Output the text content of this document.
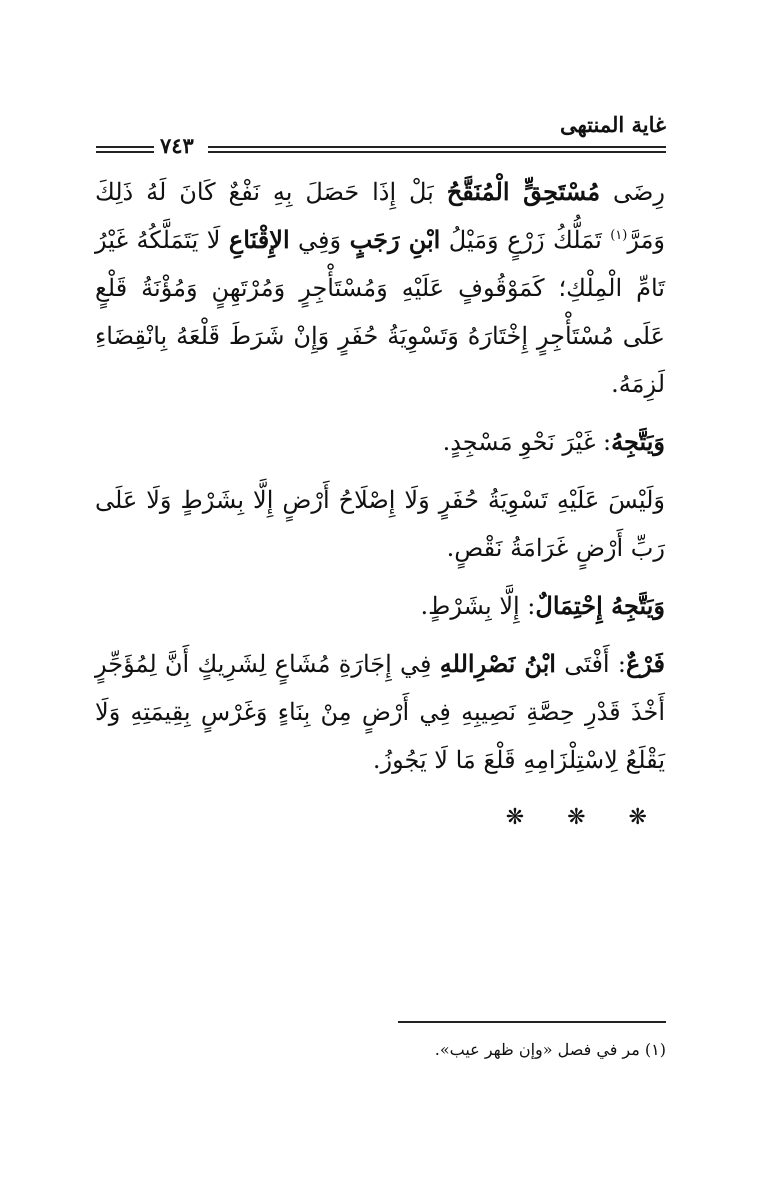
غاية المنتهى
٧٤٣

رِضَى مُسْتَحِقٍّ الْمُنَقَّحُ بَلْ إِذَا حَصَلَ بِهِ نَفْعٌ كَانَ لَهُ ذَلِكَ وَمَرَّ$^{(١)}$ تَمَلُّكُ زَرْعٍ وَمَيْلُ ابْنِ رَجَبٍ وَفِي الإِقْنَاعِ لَا يَتَمَلَّكُهُ غَيْرُ تَامِّ الْمِلْكِ؛ كَمَوْقُوفٍ عَلَيْهِ وَمُسْتَأْجِرٍ وَمُرْتَهِنٍ وَمُؤْنَةُ قَلْعٍ عَلَى مُسْتَأْجِرٍ إِخْتَارَهُ وَتَسْوِيَةُ حُفَرٍ وَإِنْ شَرَطَ قَلْعَهُ بِانْقِضَاءِ لَزِمَهُ.

وَيَتَّجِهُ: غَيْرَ نَحْوِ مَسْجِدٍ.

وَلَيْسَ عَلَيْهِ تَسْوِيَةُ حُفَرٍ وَلَا إِصْلَاحُ أَرْضٍ إِلَّا بِشَرْطٍ وَلَا عَلَى رَبِّ أَرْضٍ غَرَامَةُ نَقْصٍ.

وَيَتَّجِهُ إِحْتِمَالٌ: إِلَّا بِشَرْطٍ.

فَرْعٌ: أَفْتَى ابْنُ نَصْرِاللهِ فِي إِجَارَةِ مُشَاعٍ لِشَرِيكٍ أَنَّ لِمُؤَجِّرٍ أَخْذَ قَدْرِ حِصَّةِ نَصِيبِهِ فِي أَرْضٍ مِنْ بِنَاءٍ وَغَرْسٍ بِقِيمَتِهِ وَلَا يَقْلَعُ لِاسْتِلْزَامِهِ قَلْعَ مَا لَا يَجُوزُ.

❋ ❋ ❋
(١) مر في فصل «وإن ظهر عيب».
